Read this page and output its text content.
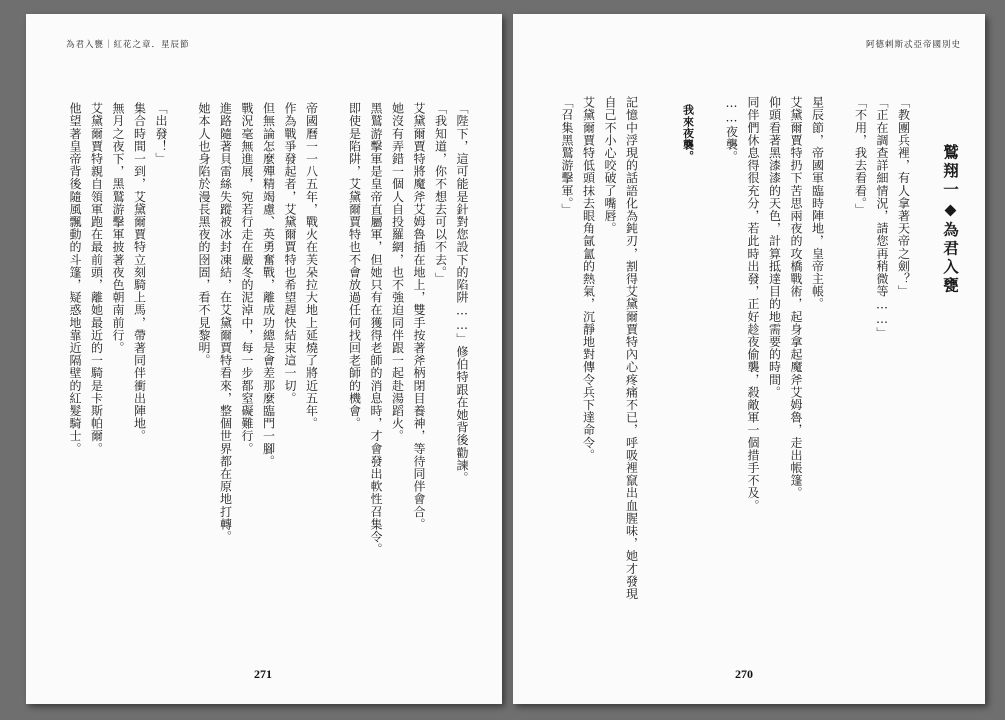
為君入甕｜紅花之章．星辰節
「陛下，這可能是針對您設下的陷阱……」修伯特跟在她背後勸諫。
「我知道，你不想去可以不去。」
艾黛爾賈特將魔斧艾姆魯插在地上，雙手按著斧柄閉目養神，等待同伴會合。
她沒有弄錯一個人自投羅網，也不強迫同伴跟一起赴湯蹈火。
黑鷲游擊軍是皇帝直屬軍，但她只有在獲得老師的消息時，才會發出軟性召集令。
即使是陷阱，艾黛爾賈特也不會放過任何找回老師的機會。
帝國曆一一八五年，戰火在芙朵拉大地上延燒了將近五年。
作為戰爭發起者，艾黛爾賈特也希望趕快結束這一切。
但無論怎麼殫精竭慮、英勇奮戰，離成功總是會差那麼臨門一腳。
戰況毫無進展，宛若行走在嚴冬的泥淖中，每一步都窒礙難行。
進路隨著貝雷絲失蹤被冰封凍結，在艾黛爾賈特看來，整個世界都在原地打轉。
她本人也身陷於漫長黑夜的囹圄，看不見黎明。
「出發！」
集合時間一到，艾黛爾賈特立刻騎上馬，帶著同伴衝出陣地。
無月之夜下，黑鷲游擊軍披著夜色朝南前行。
艾黛爾賈特親自領軍跑在最前頭，離她最近的一騎是卡斯帕爾。
他望著皇帝背後隨風飄動的斗篷，疑惑地靠近隔壁的紅髮騎士。
271
阿德剌斯忒亞帝國別史
鷲翔一◆為君入甕
「教團兵裡，有人拿著天帝之劍？」
「正在調查詳細情況，請您再稍微等……」
「不用，我去看看。」
星辰節，帝國軍臨時陣地，皇帝主帳。
艾黛爾賈特扔下苦思兩夜的攻橋戰術，起身拿起魔斧艾姆魯，走出帳篷。
仰頭看著黑漆漆的天色，計算抵達目的地需要的時間。
同伴們休息得很充分，若此時出發，正好趁夜偷襲，殺敵軍一個措手不及。
……夜襲。
我來夜襲。
記憶中浮現的話語化為鈍刃，割得艾黛爾賈特內心疼痛不已，呼吸裡竄出血腥味，她才發現
自己不小心咬破了嘴唇。
艾黛爾賈特低頭抹去眼角氤氳的熱氣，沉靜地對傳令兵下達命令。
「召集黑鷲游擊軍。」
270
